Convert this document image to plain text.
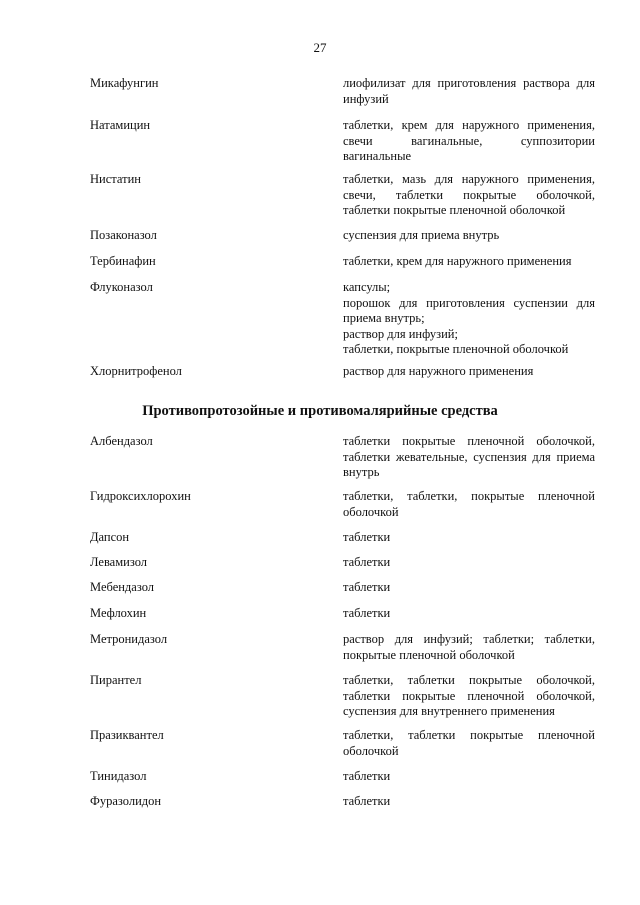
27
Микафунгин	лиофилизат для приготовления раствора для
инфузий
Натамицин	таблетки, крем для наружного применения,
свечи вагинальные, суппозитории
вагинальные
Нистатин	таблетки, мазь для наружного применения,
свечи, таблетки покрытые оболочкой,
таблетки покрытые пленочной оболочкой
Позаконазол	суспензия для приема внутрь
Тербинафин	таблетки, крем для наружного применения
Флуконазол	капсулы;
порошок для приготовления суспензии для
приема внутрь;
раствор для инфузий;
таблетки, покрытые пленочной оболочкой
Хлорнитрофенол	раствор для наружного применения
Противопротозойные и противомалярийные средства
Албендазол	таблетки покрытые пленочной оболочкой,
таблетки жевательные, суспензия для приема
внутрь
Гидроксихлорохин	таблетки, таблетки, покрытые пленочной
оболочкой
Дапсон	таблетки
Левамизол	таблетки
Мебендазол	таблетки
Мефлохин	таблетки
Метронидазол	раствор для инфузий; таблетки; таблетки,
покрытые пленочной оболочкой
Пирантел	таблетки, таблетки покрытые оболочкой,
таблетки покрытые пленочной оболочкой,
суспензия для внутреннего применения
Празиквантел	таблетки, таблетки покрытые пленочной
оболочкой
Тинидазол	таблетки
Фуразолидон	таблетки
